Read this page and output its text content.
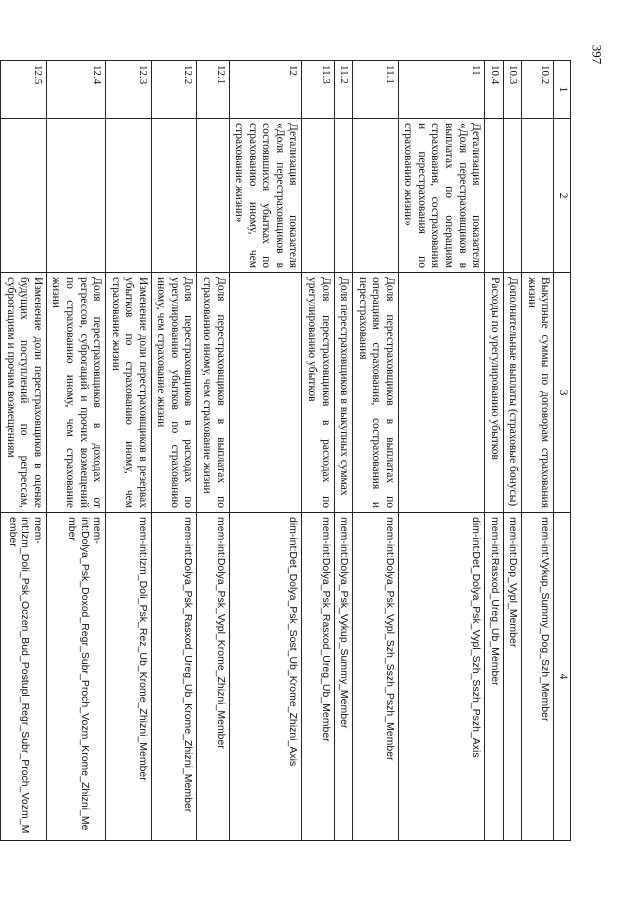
397
1	2	3	4
10.2		Выкупные суммы по договорам страхования жизни	mem-int:Vykup_Summy_Dog_Szh_Member
10.3		Дополнительные выплаты (страховые бонусы)	mem-int:Dop_Vypl_Member
10.4		Расходы по урегулированию убытков	mem-int:Rasxod_Ureg_Ub_Member
11	Детализация показателя «Доля перестраховщиков в выплатах по операциям страхования, сострахования и перестрахования по страхованию жизни»		dim-int:Det_Dolya_Psk_Vypl_Szh_Sszh_Pszh_Axis
11.1		Доля перестраховщиков в выплатах по операциям страхования, сострахования и перестрахования	mem-int:Dolya_Psk_Vypl_Szh_Sszh_Pszh_Member
11.2		Доля перестраховщиков в выкупных суммах	mem-int:Dolya_Psk_Vykup_Summy_Member
11.3		Доля перестраховщиков в расходах по урегулированию убытков	mem-int:Dolya_Psk_Rasxod_Ureg_Ub_Member
12	Детализация показателя «Доля перестраховщиков в состоявшихся убытках по страхованию иному, чем страхование жизни»		dim-int:Det_Dolya_Psk_Sost_Ub_Krome_Zhizni_Axis
12.1		Доля перестраховщиков в выплатах по страхованию иному, чем страхование жизни	mem-int:Dolya_Psk_Vypl_Krome_Zhizni_Member
12.2		Доля перестраховщиков в расходах по урегулированию убытков по страхованию иному, чем страхование жизни	mem-int:Dolya_Psk_Rasxod_Ureg_Ub_Krome_Zhizni_Member
12.3		Изменение доли перестраховщиков в резервах убытков по страхованию иному, чем страхование жизни	mem-int:Izm_Doli_Psk_Rez_Ub_Krome_Zhizni_Member
12.4		Доля перестраховщиков в доходах от регрессов, суброгаций и прочих возмещений по страхованию иному, чем страхование жизни	mem-int:Dolya_Psk_Doxod_Regr_Subr_Proch_Vozm_Krome_Zhizni_Member
12.5		Изменение доли перестраховщиков в оценке будущих поступлений по регрессам, суброгациям и прочим возмещениям	mem-int:Izm_Doli_Psk_Oczen_Bud_Postupl_Regr_Subr_Proch_Vozm_Member
